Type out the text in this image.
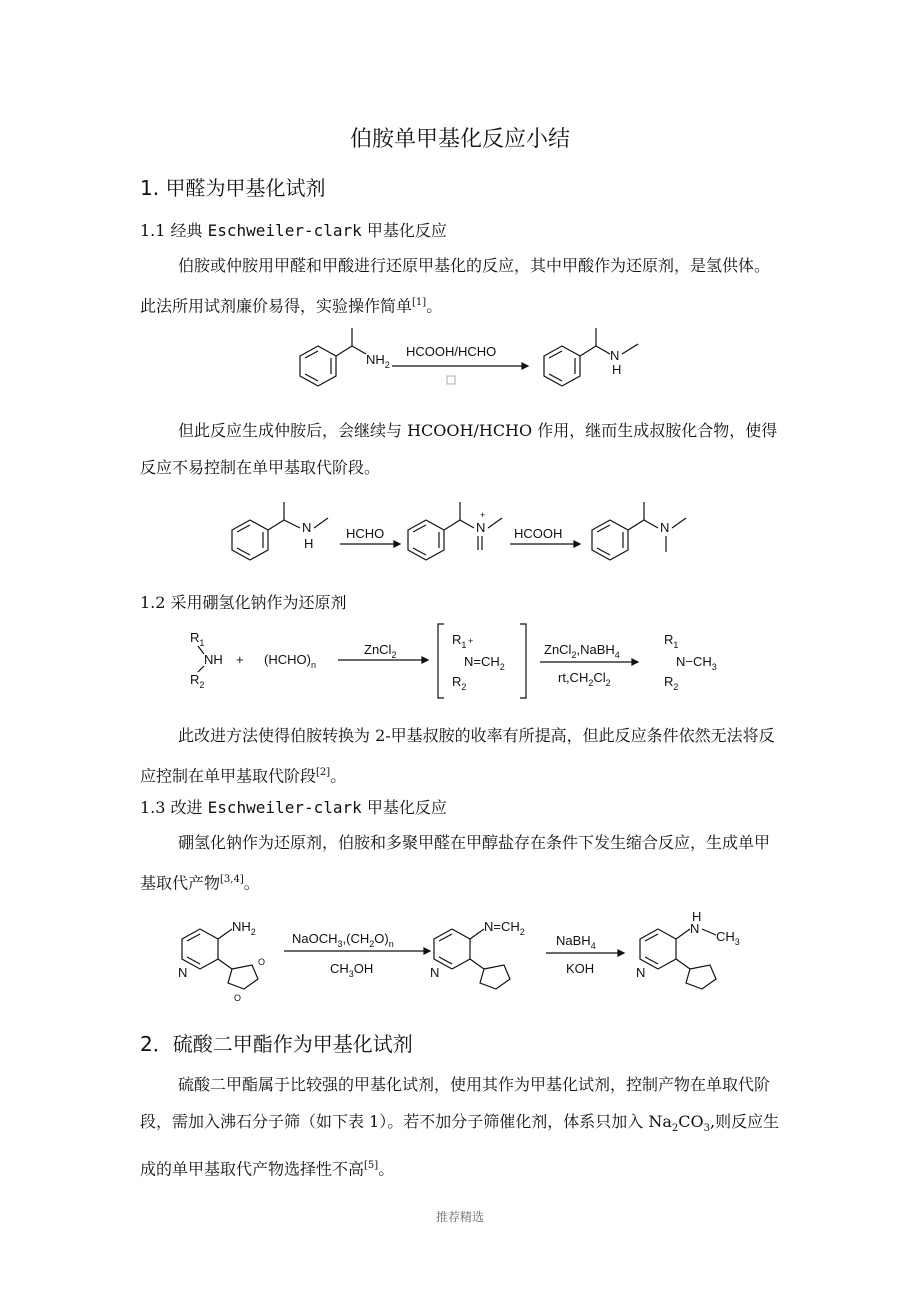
伯胺单甲基化反应小结
1. 甲醛为甲基化试剂
1.1 经典 Eschweiler-clark 甲基化反应
伯胺或仲胺用甲醛和甲酸进行还原甲基化的反应，其中甲酸作为还原剂，是氢供体。此法所用试剂廉价易得，实验操作简单[1]。
$NH_2$
HCOOH/HCHO	N
H
但此反应生成仲胺后，会继续与 HCOOH/HCHO 作用，继而生成叔胺化合物，使得反应不易控制在单甲基取代阶段。
N
H
HCHO	N
+
HCOOH	N
1.2 采用硼氢化钠作为还原剂
$R_1$
NH
$R_2$
+ $(HCHO)_n$
ZnCl$_2$
$R_1$ +
$N=CH_2$
$R_2$
ZnCl$_2$,NaBH$_4$
$rt,CH_2Cl_2$
$R_1$
$N-CH_3$
$R_2$
此改进方法使得伯胺转换为 2-甲基叔胺的收率有所提高，但此反应条件依然无法将反应控制在单甲基取代阶段[2]。
1.3 改进 Eschweiler-clark 甲基化反应
硼氢化钠作为还原剂，伯胺和多聚甲醛在甲醇盐存在条件下发生缩合反应，生成单甲基取代产物[3,4]。
N
$NH_2$
O
O
$NaOCH_3,(CH_2O)_n$
$CH_3OH$	N
$N=CH_2$
NaBH$_4$
KOH	N
H
N
$CH_3$
2．硫酸二甲酯作为甲基化试剂
硫酸二甲酯属于比较强的甲基化试剂，使用其作为甲基化试剂，控制产物在单取代阶段，需加入沸石分子筛（如下表 1）。若不加分子筛催化剂，体系只加入 $Na_2CO_3$,则反应生成的单甲基取代产物选择性不高[5]。
推荐精选
